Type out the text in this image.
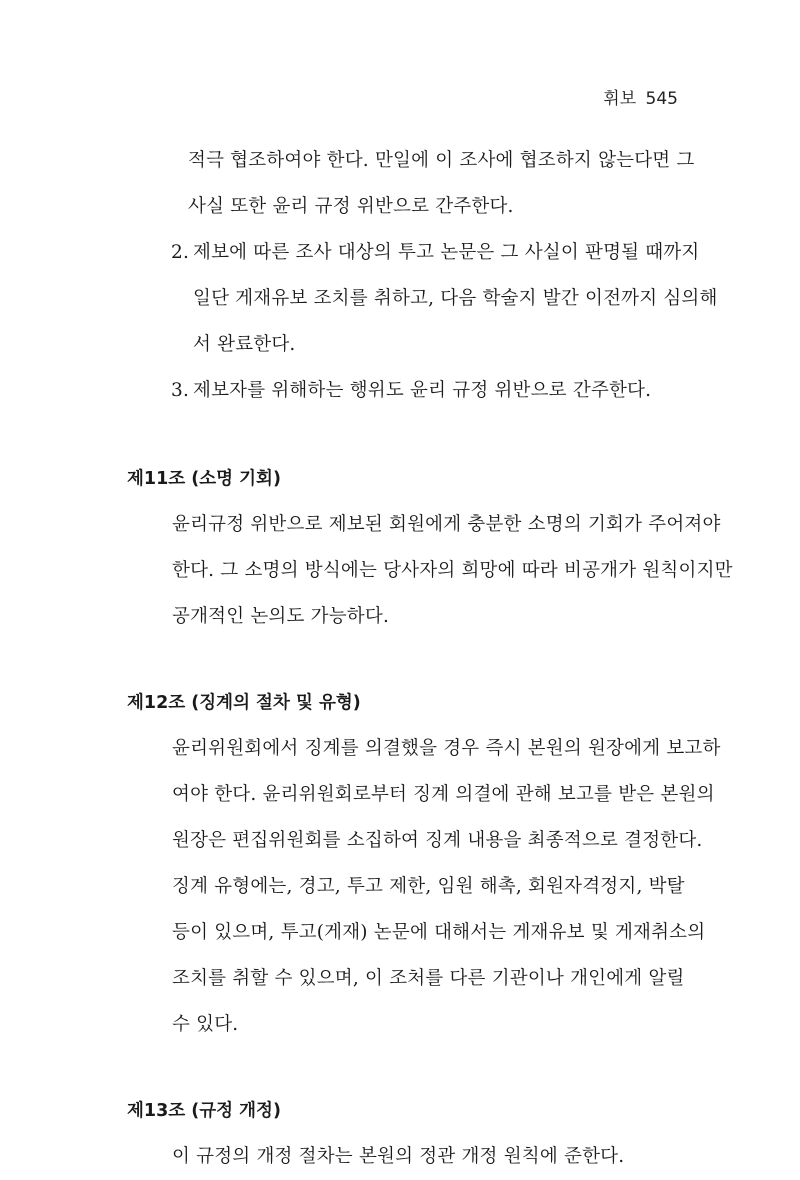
휘보 545
적극 협조하여야 한다. 만일에 이 조사에 협조하지 않는다면 그
사실 또한 윤리 규정 위반으로 간주한다.
2. 제보에 따른 조사 대상의 투고 논문은 그 사실이 판명될 때까지
일단 게재유보 조치를 취하고, 다음 학술지 발간 이전까지 심의해
서 완료한다.
3. 제보자를 위해하는 행위도 윤리 규정 위반으로 간주한다.
제11조 (소명 기회)
윤리규정 위반으로 제보된 회원에게 충분한 소명의 기회가 주어져야
한다. 그 소명의 방식에는 당사자의 희망에 따라 비공개가 원칙이지만
공개적인 논의도 가능하다.
제12조 (징계의 절차 및 유형)
윤리위원회에서 징계를 의결했을 경우 즉시 본원의 원장에게 보고하
여야 한다. 윤리위원회로부터 징계 의결에 관해 보고를 받은 본원의
원장은 편집위원회를 소집하여 징계 내용을 최종적으로 결정한다.
징계 유형에는, 경고, 투고 제한, 임원 해촉, 회원자격정지, 박탈
등이 있으며, 투고(게재) 논문에 대해서는 게재유보 및 게재취소의
조치를 취할 수 있으며, 이 조처를 다른 기관이나 개인에게 알릴
수 있다.
제13조 (규정 개정)
이 규정의 개정 절차는 본원의 정관 개정 원칙에 준한다.
